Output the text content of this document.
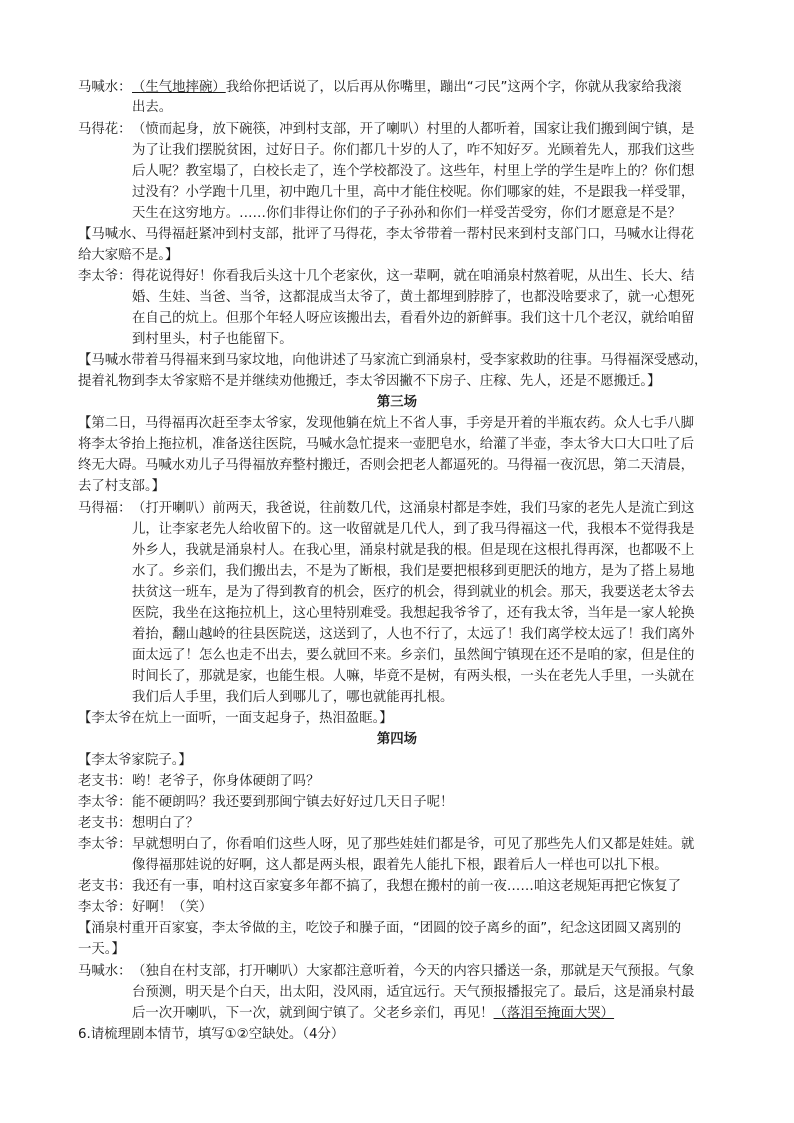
马喊水：（生气地摔碗）我给你把话说了，以后再从你嘴里，蹦出“刁民”这两个字，你就从我家给我滚
出去。
马得花：（愤而起身，放下碗筷，冲到村支部，开了喇叭）村里的人都听着，国家让我们搬到闽宁镇，是
为了让我们摆脱贫困，过好日子。你们都几十岁的人了，咋不知好歹。光顾着先人，那我们这些
后人呢？教室塌了，白校长走了，连个学校都没了。这些年，村里上学的学生是咋上的？你们想
过没有？小学跑十几里，初中跑几十里，高中才能住校呢。你们哪家的娃，不是跟我一样受罪，
天生在这穷地方。……你们非得让你们的子子孙孙和你们一样受苦受穷，你们才愿意是不是？
【马喊水、马得福赶紧冲到村支部，批评了马得花，李太爷带着一帮村民来到村支部门口，马喊水让得花
给大家赔不是。】
李太爷：得花说得好！你看我后头这十几个老家伙，这一辈啊，就在咱涌泉村熬着呢，从出生、长大、结
婚、生娃、当爸、当爷，这都混成当太爷了，黄土都埋到脖脖了，也都没啥要求了，就一心想死
在自己的炕上。但那个年轻人呀应该搬出去，看看外边的新鲜事。我们这十几个老汉，就给咱留
到村里头，村子也能留下。
【马喊水带着马得福来到马家坟地，向他讲述了马家流亡到涌泉村，受李家救助的往事。马得福深受感动，
提着礼物到李太爷家赔不是并继续劝他搬迁，李太爷因撇不下房子、庄稼、先人，还是不愿搬迁。】
第三场
【第二日，马得福再次赶至李太爷家，发现他躺在炕上不省人事，手旁是开着的半瓶农药。众人七手八脚
将李太爷抬上拖拉机，准备送往医院，马喊水急忙提来一壶肥皂水，给灌了半壶，李太爷大口大口吐了后
终无大碍。马喊水劝儿子马得福放弃整村搬迁，否则会把老人都逼死的。马得福一夜沉思，第二天清晨，
去了村支部。】
马得福：（打开喇叭）前两天，我爸说，往前数几代，这涌泉村都是李姓，我们马家的老先人是流亡到这
儿，让李家老先人给收留下的。这一收留就是几代人，到了我马得福这一代，我根本不觉得我是
外乡人，我就是涌泉村人。在我心里，涌泉村就是我的根。但是现在这根扎得再深，也都吸不上
水了。乡亲们，我们搬出去，不是为了断根，我们是要把根移到更肥沃的地方，是为了搭上易地
扶贫这一班车，是为了得到教育的机会，医疗的机会，得到就业的机会。那天，我要送老太爷去
医院，我坐在这拖拉机上，这心里特别难受。我想起我爷爷了，还有我太爷，当年是一家人轮换
着抬，翻山越岭的往县医院送，这送到了，人也不行了，太远了！我们离学校太远了！我们离外
面太远了！怎么也走不出去，要么就回不来。乡亲们，虽然闽宁镇现在还不是咱的家，但是住的
时间长了，那就是家，也能生根。人嘛，毕竟不是树，有两头根，一头在老先人手里，一头就在
我们后人手里，我们后人到哪儿了，哪也就能再扎根。
【李太爷在炕上一面听，一面支起身子，热泪盈眶。】
第四场
【李太爷家院子。】
老支书：哟！老爷子，你身体硬朗了吗？
李太爷：能不硬朗吗？我还要到那闽宁镇去好好过几天日子呢！
老支书：想明白了？
李太爷：早就想明白了，你看咱们这些人呀，见了那些娃娃们都是爷，可见了那些先人们又都是娃娃。就
像得福那娃说的好啊，这人都是两头根，跟着先人能扎下根，跟着后人一样也可以扎下根。
老支书：我还有一事，咱村这百家宴多年都不搞了，我想在搬村的前一夜……咱这老规矩再把它恢复了
李太爷：好啊！（笑）
【涌泉村重开百家宴，李太爷做的主，吃饺子和臊子面，“团圆的饺子离乡的面”，纪念这团圆又离别的
一天。】
马喊水：（独自在村支部，打开喇叭）大家都注意听着，今天的内容只播送一条，那就是天气预报。气象
台预测，明天是个白天，出太阳，没风雨，适宜远行。天气预报播报完了。最后，这是涌泉村最
后一次开喇叭，下一次，就到闽宁镇了。父老乡亲们，再见！（落泪至掩面大哭）
6.请梳理剧本情节，填写①②空缺处。（4分）
